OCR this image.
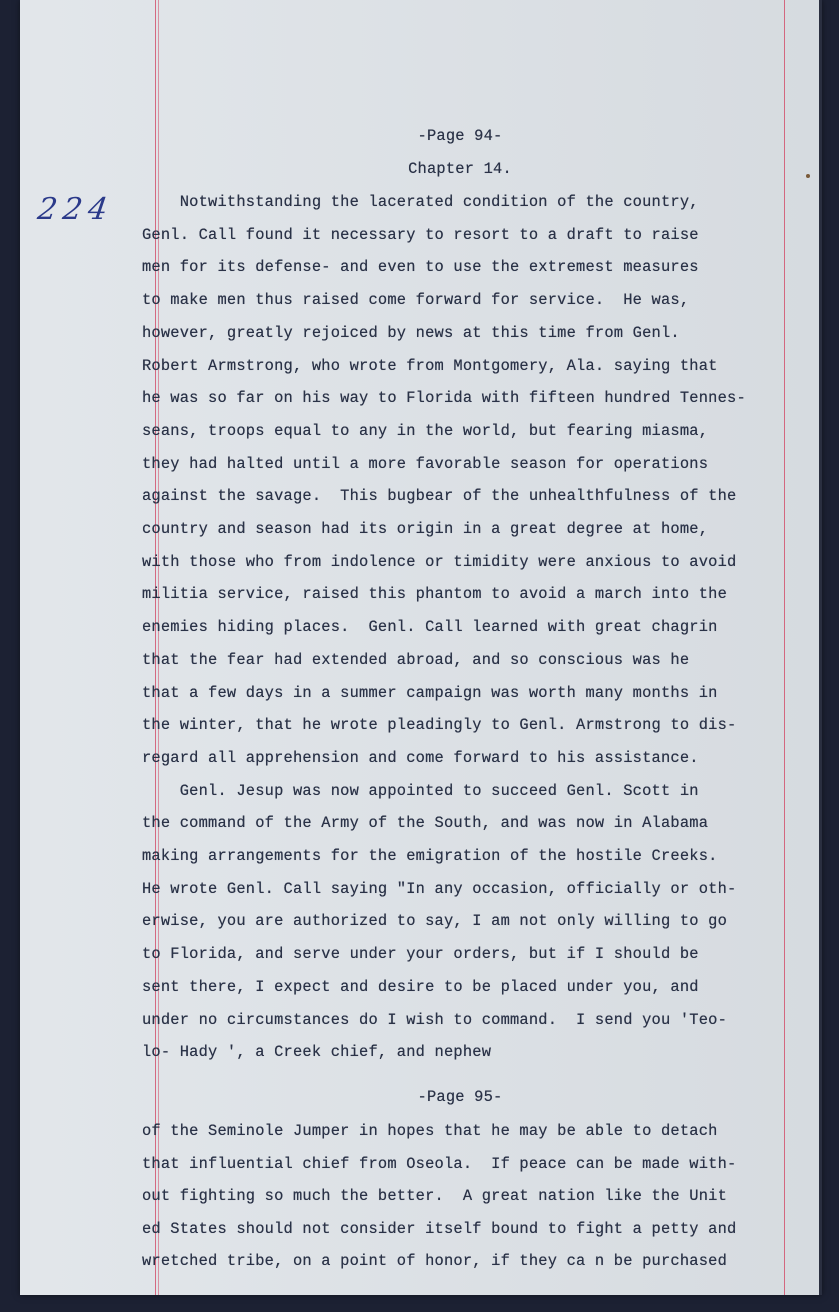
224
-Page 94-
Chapter 14.
Notwithstanding the lacerated condition of the country,
Genl. Call found it necessary to resort to a draft to raise
men for its defense- and even to use the extremest measures
to make men thus raised come forward for service.  He was,
however, greatly rejoiced by news at this time from Genl.
Robert Armstrong, who wrote from Montgomery, Ala. saying that
he was so far on his way to Florida with fifteen hundred Tennes-
seans, troops equal to any in the world, but fearing miasma,
they had halted until a more favorable season for operations
against the savage.  This bugbear of the unhealthfulness of the
country and season had its origin in a great degree at home,
with those who from indolence or timidity were anxious to avoid
militia service, raised this phantom to avoid a march into the
enemies hiding places.  Genl. Call learned with great chagrin
that the fear had extended abroad, and so conscious was he
that a few days in a summer campaign was worth many months in
the winter, that he wrote pleadingly to Genl. Armstrong to dis-
regard all apprehension and come forward to his assistance.
Genl. Jesup was now appointed to succeed Genl. Scott in
the command of the Army of the South, and was now in Alabama
making arrangements for the emigration of the hostile Creeks.
He wrote Genl. Call saying "In any occasion, officially or oth-
erwise, you are authorized to say, I am not only willing to go
to Florida, and serve under your orders, but if I should be
sent there, I expect and desire to be placed under you, and
under no circumstances do I wish to command.  I send you 'Teo-
lo- Hady ', a Creek chief, and nephew
-Page 95-
of the Seminole Jumper in hopes that he may be able to detach
that influential chief from Oseola.  If peace can be made with-
out fighting so much the better.  A great nation like the Unit
ed States should not consider itself bound to fight a petty and
wretched tribe, on a point of honor, if they ca n be purchased
